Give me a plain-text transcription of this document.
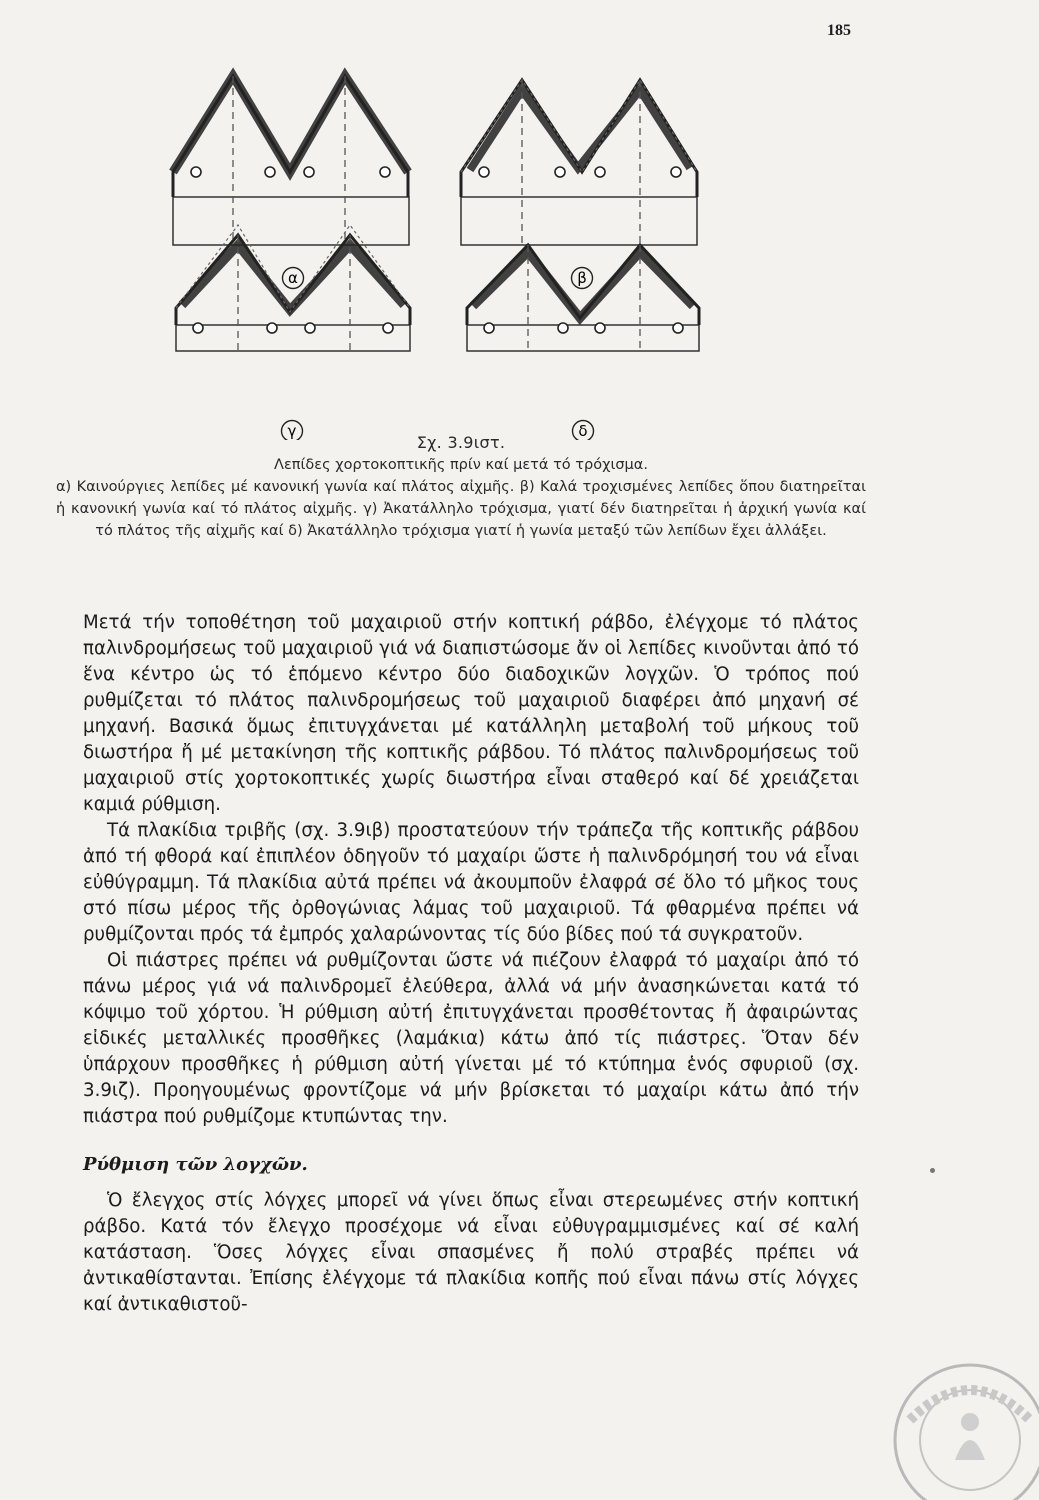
185
α	β
γ	δ
Σχ. 3.9ιστ.
Λεπίδες χορτοκοπτικῆς πρίν καί μετά τό τρόχισμα.
α) Καινούργιες λεπίδες μέ κανονική γωνία καί πλάτος αἰχμῆς. β) Καλά τροχισμένες λεπίδες ὅπου διατηρεῖται ἡ κανονική γωνία καί τό πλάτος αἰχμῆς. γ) Ἀκατάλληλο τρόχισμα, γιατί δέν διατηρεῖται ἡ ἀρχική γωνία καί τό πλάτος τῆς αἰχμῆς καί δ) Ἀκατάλληλο τρόχισμα γιατί ἡ γωνία μεταξύ τῶν λεπίδων ἔχει ἀλλάξει.

Μετά τήν τοποθέτηση τοῦ μαχαιριοῦ στήν κοπτική ράβδο, ἐλέγχομε τό πλάτος παλινδρομήσεως τοῦ μαχαιριοῦ γιά νά διαπιστώσομε ἄν οἱ λεπίδες κινοῦνται ἀπό τό ἕνα κέντρο ὡς τό ἑπόμενο κέντρο δύο διαδοχικῶν λογχῶν. Ὁ τρόπος πού ρυθμίζεται τό πλάτος παλινδρομήσεως τοῦ μαχαιριοῦ διαφέρει ἀπό μηχανή σέ μηχανή. Βασικά ὅμως ἐπιτυγχάνεται μέ κατάλληλη μεταβολή τοῦ μήκους τοῦ διωστήρα ἤ μέ μετακίνηση τῆς κοπτικῆς ράβδου. Τό πλάτος παλινδρομήσεως τοῦ μαχαιριοῦ στίς χορτοκοπτικές χωρίς διωστήρα εἶναι σταθερό καί δέ χρειάζεται καμιά ρύθμιση.

Τά πλακίδια τριβῆς (σχ. 3.9ιβ) προστατεύουν τήν τράπεζα τῆς κοπτικῆς ράβδου ἀπό τή φθορά καί ἐπιπλέον ὁδηγοῦν τό μαχαίρι ὥστε ἡ παλινδρόμησή του νά εἶναι εὐθύγραμμη. Τά πλακίδια αὐτά πρέπει νά ἀκουμποῦν ἐλαφρά σέ ὅλο τό μῆκος τους στό πίσω μέρος τῆς ὀρθογώνιας λάμας τοῦ μαχαιριοῦ. Τά φθαρμένα πρέπει νά ρυθμίζονται πρός τά ἐμπρός χαλαρώνοντας τίς δύο βίδες πού τά συγκρατοῦν.

Οἱ πιάστρες πρέπει νά ρυθμίζονται ὥστε νά πιέζουν ἐλαφρά τό μαχαίρι ἀπό τό πάνω μέρος γιά νά παλινδρομεῖ ἐλεύθερα, ἀλλά νά μήν ἀνασηκώνεται κατά τό κόψιμο τοῦ χόρτου. Ἡ ρύθμιση αὐτή ἐπιτυγχάνεται προσθέτοντας ἤ ἀφαιρώντας εἰδικές μεταλλικές προσθῆκες (λαμάκια) κάτω ἀπό τίς πιάστρες. Ὅταν δέν ὑπάρχουν προσθῆκες ἡ ρύθμιση αὐτή γίνεται μέ τό κτύπημα ἑνός σφυριοῦ (σχ. 3.9ιζ). Προηγουμένως φροντίζομε νά μήν βρίσκεται τό μαχαίρι κάτω ἀπό τήν πιάστρα πού ρυθμίζομε κτυπώντας την.

Ρύθμιση τῶν λογχῶν.

Ὁ ἔλεγχος στίς λόγχες μπορεῖ νά γίνει ὅπως εἶναι στερεωμένες στήν κοπτική ράβδο. Κατά τόν ἔλεγχο προσέχομε νά εἶναι εὐθυγραμμισμένες καί σέ καλή κατάσταση. Ὅσες λόγχες εἶναι σπασμένες ἤ πολύ στραβές πρέπει νά ἀντικαθίστανται. Ἐπίσης ἐλέγχομε τά πλακίδια κοπῆς πού εἶναι πάνω στίς λόγχες καί ἀντικαθιστοῦ-
